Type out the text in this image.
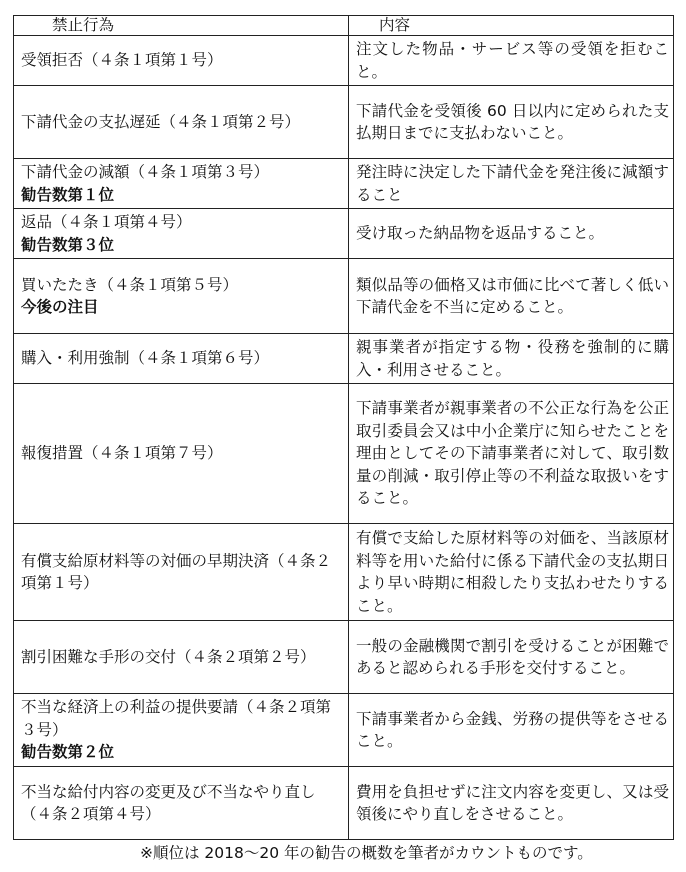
禁止行為	内容
受領拒否（４条１項第１号）	注文した物品・サービス等の受領を拒むこと。
下請代金の支払遅延（４条１項第２号）	下請代金を受領後 60 日以内に定められた支払期日までに支払わないこと。
下請代金の減額（４条１項第３号）
勧告数第１位	発注時に決定した下請代金を発注後に減額すること
返品（４条１項第４号）
勧告数第３位	受け取った納品物を返品すること。
買いたたき（４条１項第５号）
今後の注目	類似品等の価格又は市価に比べて著しく低い下請代金を不当に定めること。
購入・利用強制（４条１項第６号）	親事業者が指定する物・役務を強制的に購入・利用させること。
報復措置（４条１項第７号）	下請事業者が親事業者の不公正な行為を公正取引委員会又は中小企業庁に知らせたことを理由としてその下請事業者に対して、取引数量の削減・取引停止等の不利益な取扱いをすること。
有償支給原材料等の対価の早期決済（４条２項第１号）	有償で支給した原材料等の対価を、当該原材料等を用いた給付に係る下請代金の支払期日より早い時期に相殺したり支払わせたりすること。
割引困難な手形の交付（４条２項第２号）	一般の金融機関で割引を受けることが困難であると認められる手形を交付すること。
不当な経済上の利益の提供要請（４条２項第３号）
勧告数第２位	下請事業者から金銭、労務の提供等をさせること。
不当な給付内容の変更及び不当なやり直し（４条２項第４号）	費用を負担せずに注文内容を変更し、又は受領後にやり直しをさせること。
※順位は 2018～20 年の勧告の概数を筆者がカウントものです。
